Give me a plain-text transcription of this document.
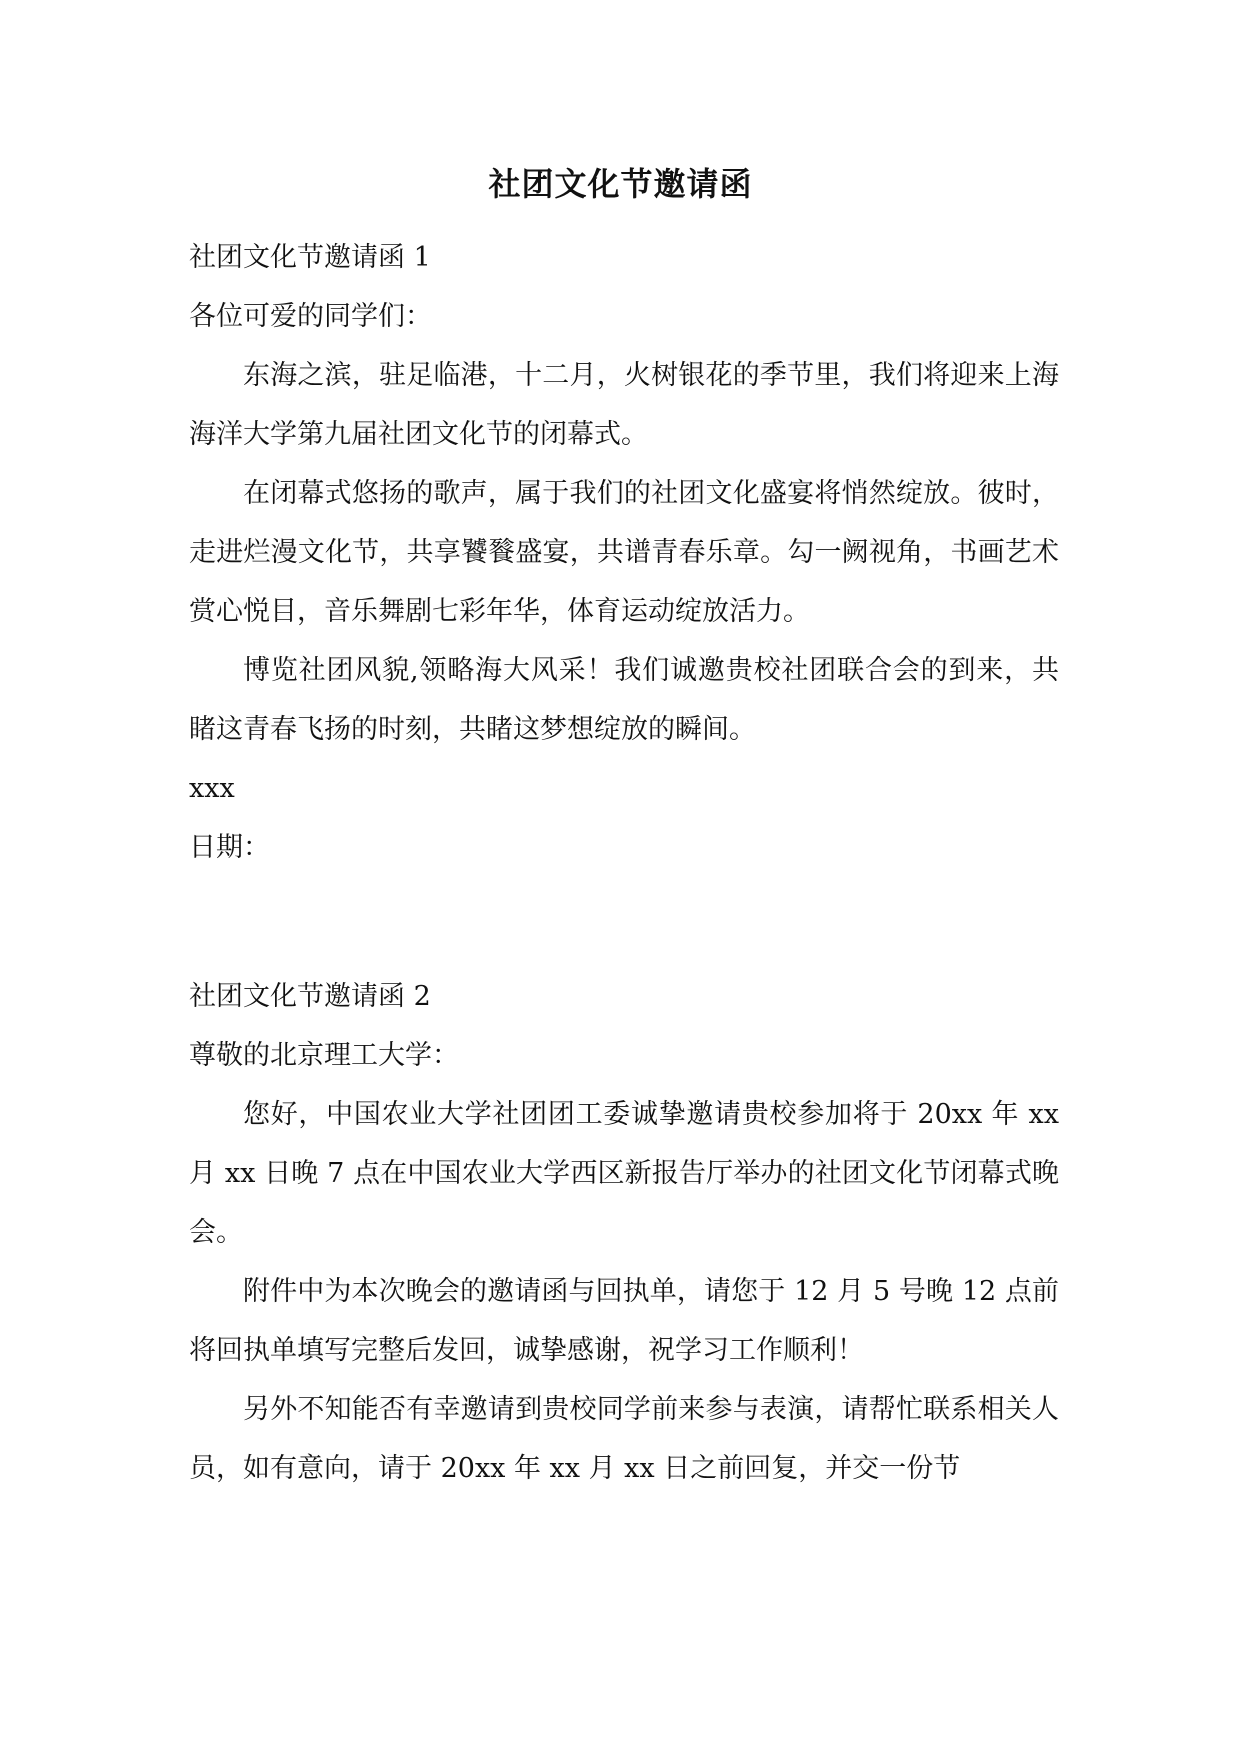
社团文化节邀请函

社团文化节邀请函 1

各位可爱的同学们：

东海之滨，驻足临港，十二月，火树银花的季节里，我们将迎来上海海洋大学第九届社团文化节的闭幕式。

在闭幕式悠扬的歌声，属于我们的社团文化盛宴将悄然绽放。彼时，走进烂漫文化节，共享饕餮盛宴，共谱青春乐章。勾一阙视角，书画艺术赏心悦目，音乐舞剧七彩年华，体育运动绽放活力。

博览社团风貌,领略海大风采！我们诚邀贵校社团联合会的到来，共睹这青春飞扬的时刻，共睹这梦想绽放的瞬间。

xxx

日期：

社团文化节邀请函 2

尊敬的北京理工大学：

您好，中国农业大学社团团工委诚挚邀请贵校参加将于 20xx 年 xx 月 xx 日晚 7 点在中国农业大学西区新报告厅举办的社团文化节闭幕式晚会。

附件中为本次晚会的邀请函与回执单，请您于 12 月 5 号晚 12 点前将回执单填写完整后发回，诚挚感谢，祝学习工作顺利！

另外不知能否有幸邀请到贵校同学前来参与表演，请帮忙联系相关人员，如有意向，请于 20xx 年 xx 月 xx 日之前回复，并交一份节
